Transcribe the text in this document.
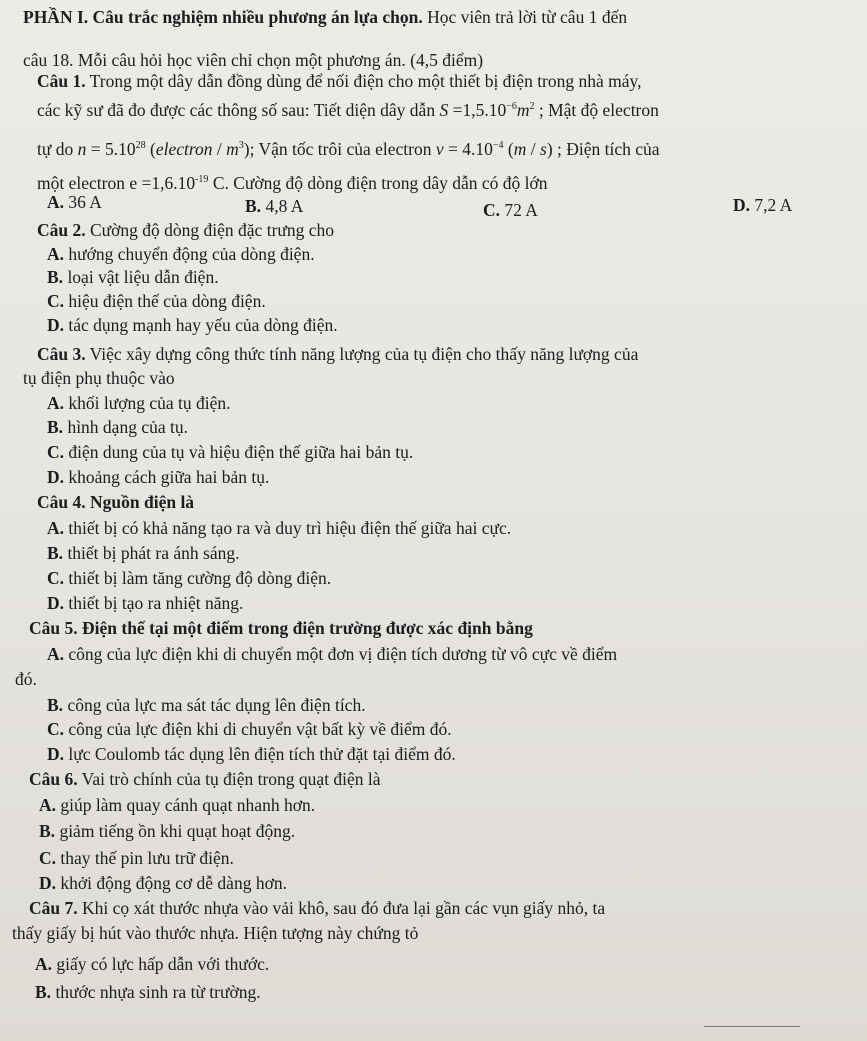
PHẦN I. Câu trắc nghiệm nhiều phương án lựa chọn. Học viên trả lời từ câu 1 đến
câu 18. Mỗi câu hỏi học viên chỉ chọn một phương án. (4,5 điểm)
Câu 1. Trong một dây dẫn đồng dùng để nối điện cho một thiết bị điện trong nhà máy,
các kỹ sư đã đo được các thông số sau: Tiết diện dây dẫn $S =1,5.10^{-6}m^2$ ; Mật độ electron
tự do $n = 5.10^{28}$ (electron / $m^3$); Vận tốc trôi của electron $v = 4.10^{-4}$ (m / s) ; Điện tích của
một electron $e =1,6.10^{-19}$ C. Cường độ dòng điện trong dây dẫn có độ lớn
A. 36 A	B. 4,8 A	C. 72 A	D. 7,2 A
Câu 2. Cường độ dòng điện đặc trưng cho
A. hướng chuyển động của dòng điện.
B. loại vật liệu dẫn điện.
C. hiệu điện thế của dòng điện.
D. tác dụng mạnh hay yếu của dòng điện.
Câu 3. Việc xây dựng công thức tính năng lượng của tụ điện cho thấy năng lượng của
tụ điện phụ thuộc vào
A. khối lượng của tụ điện.
B. hình dạng của tụ.
C. điện dung của tụ và hiệu điện thế giữa hai bản tụ.
D. khoảng cách giữa hai bản tụ.
Câu 4. Nguồn điện là
A. thiết bị có khả năng tạo ra và duy trì hiệu điện thế giữa hai cực.
B. thiết bị phát ra ánh sáng.
C. thiết bị làm tăng cường độ dòng điện.
D. thiết bị tạo ra nhiệt năng.
Câu 5. Điện thế tại một điểm trong điện trường được xác định bằng
A. công của lực điện khi di chuyển một đơn vị điện tích dương từ vô cực về điểm
đó.
B. công của lực ma sát tác dụng lên điện tích.
C. công của lực điện khi di chuyển vật bất kỳ về điểm đó.
D. lực Coulomb tác dụng lên điện tích thử đặt tại điểm đó.
Câu 6. Vai trò chính của tụ điện trong quạt điện là
A. giúp làm quay cánh quạt nhanh hơn.
B. giảm tiếng ồn khi quạt hoạt động.
C. thay thế pin lưu trữ điện.
D. khởi động động cơ dễ dàng hơn.
Câu 7. Khi cọ xát thước nhựa vào vải khô, sau đó đưa lại gần các vụn giấy nhỏ, ta
thấy giấy bị hút vào thước nhựa. Hiện tượng này chứng tỏ
A. giấy có lực hấp dẫn với thước.
B. thước nhựa sinh ra từ trường.
